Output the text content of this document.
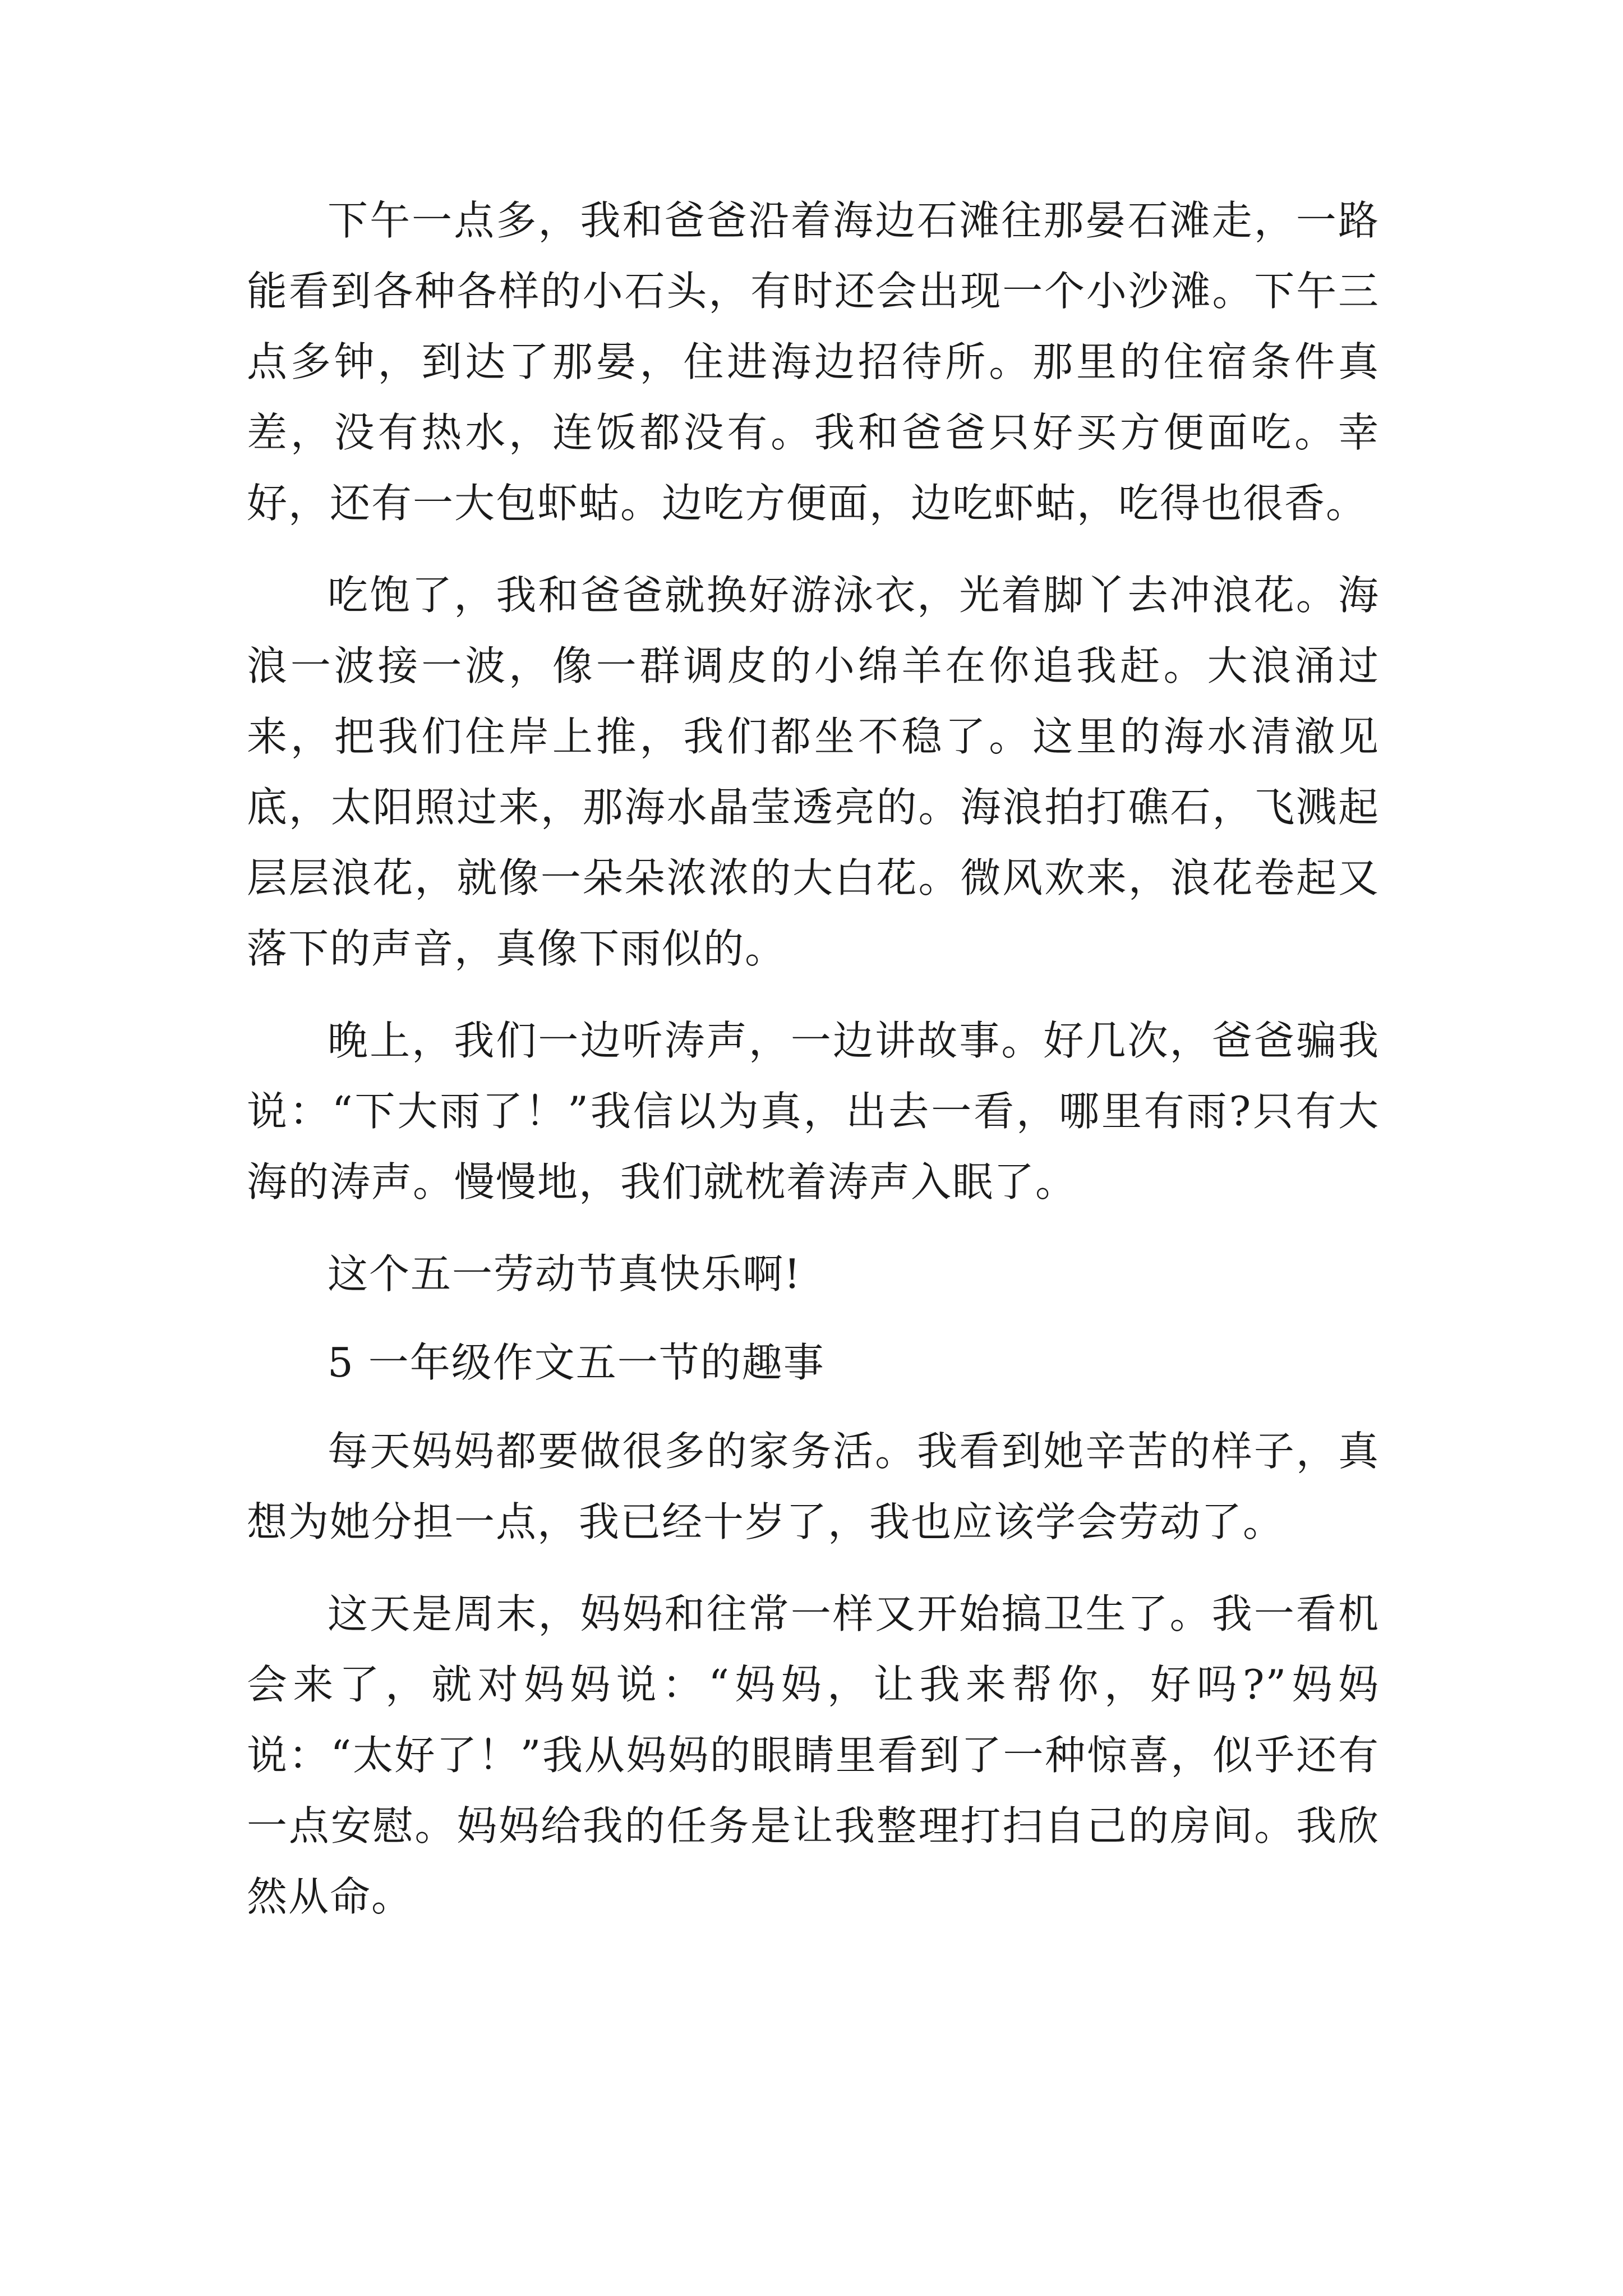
下午一点多，我和爸爸沿着海边石滩往那晏石滩走，一路能看到各种各样的小石头，有时还会出现一个小沙滩。下午三点多钟，到达了那晏，住进海边招待所。那里的住宿条件真差，没有热水，连饭都没有。我和爸爸只好买方便面吃。幸好，还有一大包虾蛄。边吃方便面，边吃虾蛄，吃得也很香。

吃饱了，我和爸爸就换好游泳衣，光着脚丫去冲浪花。海浪一波接一波，像一群调皮的小绵羊在你追我赶。大浪涌过来，把我们住岸上推，我们都坐不稳了。这里的海水清澈见底，太阳照过来，那海水晶莹透亮的。海浪拍打礁石，飞溅起层层浪花，就像一朵朵浓浓的大白花。微风欢来，浪花卷起又落下的声音，真像下雨似的。

晚上，我们一边听涛声，一边讲故事。好几次，爸爸骗我说：“下大雨了！”我信以为真，出去一看，哪里有雨?只有大海的涛声。慢慢地，我们就枕着涛声入眠了。

这个五一劳动节真快乐啊!

5 一年级作文五一节的趣事

每天妈妈都要做很多的家务活。我看到她辛苦的样子，真想为她分担一点，我已经十岁了，我也应该学会劳动了。

这天是周末，妈妈和往常一样又开始搞卫生了。我一看机会来了，就对妈妈说：“妈妈，让我来帮你，好吗?”妈妈说：“太好了！”我从妈妈的眼睛里看到了一种惊喜，似乎还有一点安慰。妈妈给我的任务是让我整理打扫自己的房间。我欣然从命。
